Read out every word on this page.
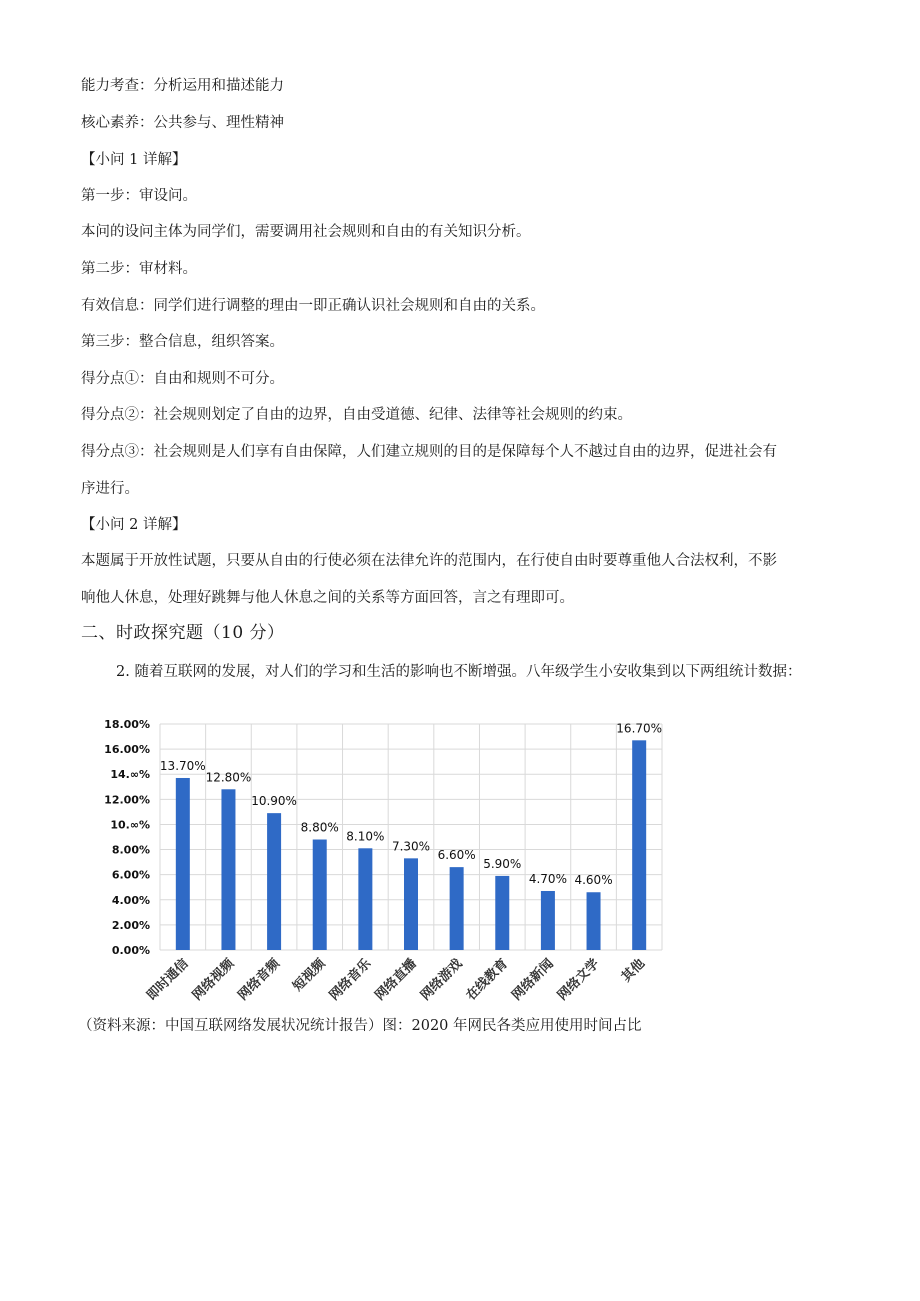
能力考查：分析运用和描述能力
核心素养：公共参与、理性精神
【小问 1 详解】
第一步：审设问。
本问的设问主体为同学们，需要调用社会规则和自由的有关知识分析。
第二步：审材料。
有效信息：同学们进行调整的理由一即正确认识社会规则和自由的关系。
第三步：整合信息，组织答案。
得分点①：自由和规则不可分。
得分点②：社会规则划定了自由的边界，自由受道德、纪律、法律等社会规则的约束。
得分点③：社会规则是人们享有自由保障，人们建立规则的目的是保障每个人不越过自由的边界，促进社会有
序进行。
【小问 2 详解】
本题属于开放性试题，只要从自由的行使必须在法律允许的范围内，在行使自由时要尊重他人合法权利，不影
响他人休息，处理好跳舞与他人休息之间的关系等方面回答，言之有理即可。
二、时政探究题（10 分）
2. 随着互联网的发展，对人们的学习和生活的影响也不断增强。八年级学生小安收集到以下两组统计数据：
0.00%
2.00%
4.00%
6.00%
8.00%
10.∞%
12.00%
14.∞%
16.00%
18.00%
13.70%
即时通信
12.80%
网络视频
10.90%
网络音频
8.80%
短视频
8.10%
网络音乐
7.30%
网络直播
6.60%
网络游戏
5.90%
在线教育
4.70%
网络新闻
4.60%
网络文学
16.70%
其他
（资料来源：中国互联网络发展状况统计报告）图：2020 年网民各类应用使用时间占比
